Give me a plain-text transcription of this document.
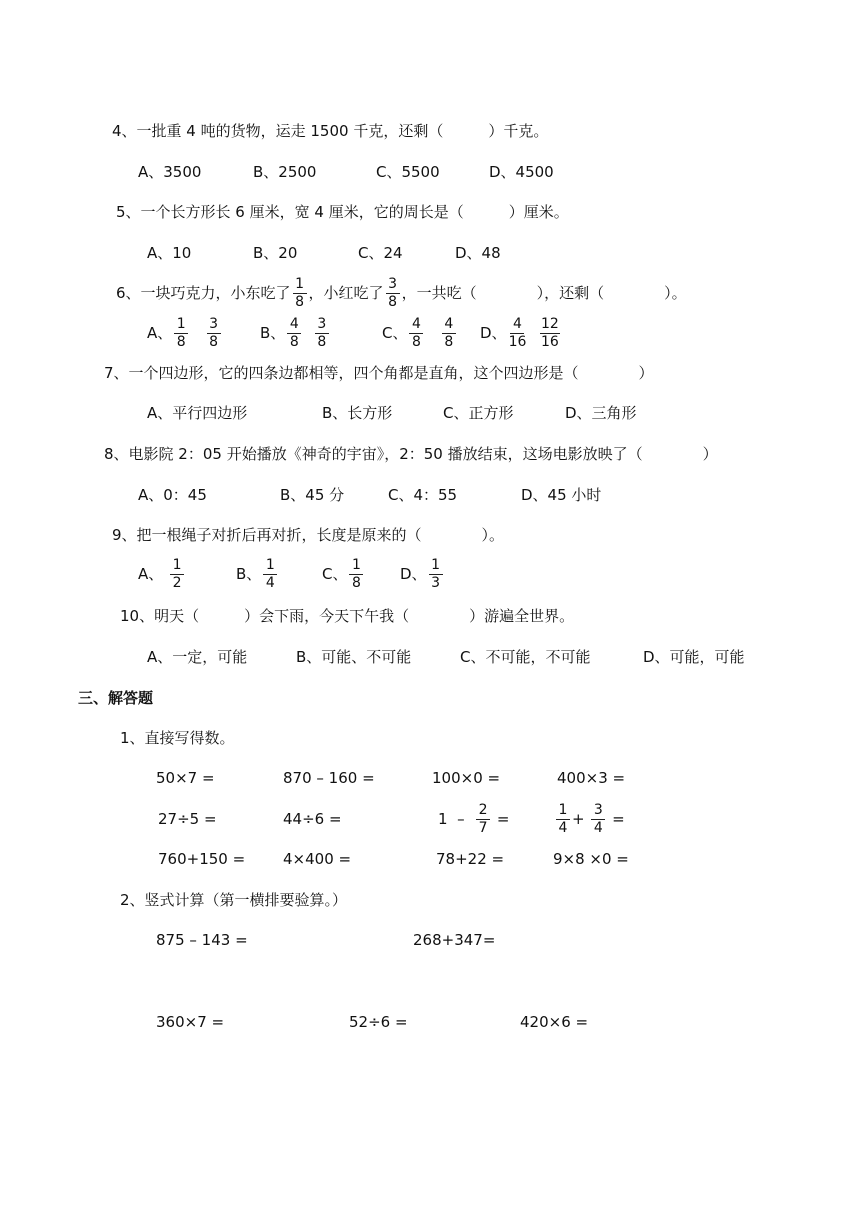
4、一批重 4 吨的货物，运走 1500 千克，还剩（　　　）千克。
A、3500	B、2500	C、5500	D、4500
5、一个长方形长 6 厘米，宽 4 厘米，它的周长是（　　　）厘米。
A、10	B、20	C、24	D、48
6、一块巧克力，小东吃了 $\frac{1}{8}$ ，小红吃了 $\frac{3}{8}$ ，一共吃（　　　　），还剩（　　　　）。
A、 $\frac{1}{8}$
$\frac{3}{8}$	B、 $\frac{4}{8}$
$\frac{3}{8}$	C、 $\frac{4}{8}$
$\frac{4}{8}$ D、 $\frac{4}{16}$
$\frac{12}{16}$
7、一个四边形，它的四条边都相等，四个角都是直角，这个四边形是（　　　　）
A、平行四边形	B、长方形	C、正方形	D、三角形
8、电影院 2：05 开始播放《神奇的宇宙》，2：50 播放结束，这场电影放映了（　　　　）
A、0：45	B、45 分	C、4：55	D、45 小时
9、把一根绳子对折后再对折，长度是原来的（　　　　）。
A、 $\frac{1}{2}$	B、 $\frac{1}{4}$	C、 $\frac{1}{8}$ D、 $\frac{1}{3}$
10、明天（　　　）会下雨，今天下午我（　　　　）游遍全世界。
A、一定，可能	B、可能、不可能	C、不可能，不可能	D、可能，可能
三、解答题
1、直接写得数。
50×7 =	870 – 160 =	100×0 =	400×3 =
27÷5 =	44÷6 =	$1 - \frac{2}{7}$ =	$\frac{1}{4} + \frac{3}{4}$ =
760+150 =	4×400 =	78+22 =	9×8 ×0 =
2、竖式计算（第一横排要验算。）
875 – 143 =	268+347=
360×7 =	52÷6 =	420×6 =
